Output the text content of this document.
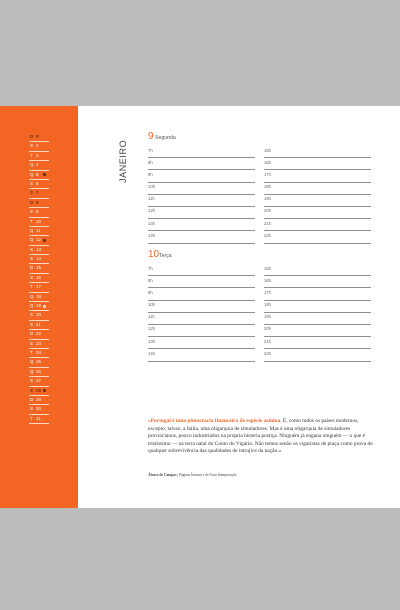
D P
S 2
T 3
Q 4
Q 5
S 6
S 7
D 8
S 9
T 10
Q 11
Q 12
S 13
S 14
D 15
S 16
T 17
Q 18
Q 19
S 20
S 21
D 22
S 23
T 24
Q 25
Q 26
S 27
S 28
D 29
S 30
T 31
JANEIRO
9 Segunda
7h
8h
9h
10h
11h
12h
13h
14h
15h
16h
17h
18h
19h
20h
21h
22h
10 Terça
7h
8h
9h
10h
11h
12h
13h
14h
15h
16h
17h
18h
19h
20h
21h
22h
«Portugal é uma plutocracia financeira de espécie asinina. É, como todos os países modernos, excepto, talvez, a Itália, uma oligarquia de simuladores. Mas é uma oligarquia de simuladores provincianos, pouco industriados na própria histeria postiça. Ninguém já engana ninguém — o que é tristíssimo — na terra natal do Conto do Vigário. Não temos senão os vigaristas de praça como prova de qualquer sobrevivência das qualidades de intrujice da nação.»
Álvaro de Campos | Páginas Íntimas e de Auto-Interpretação
